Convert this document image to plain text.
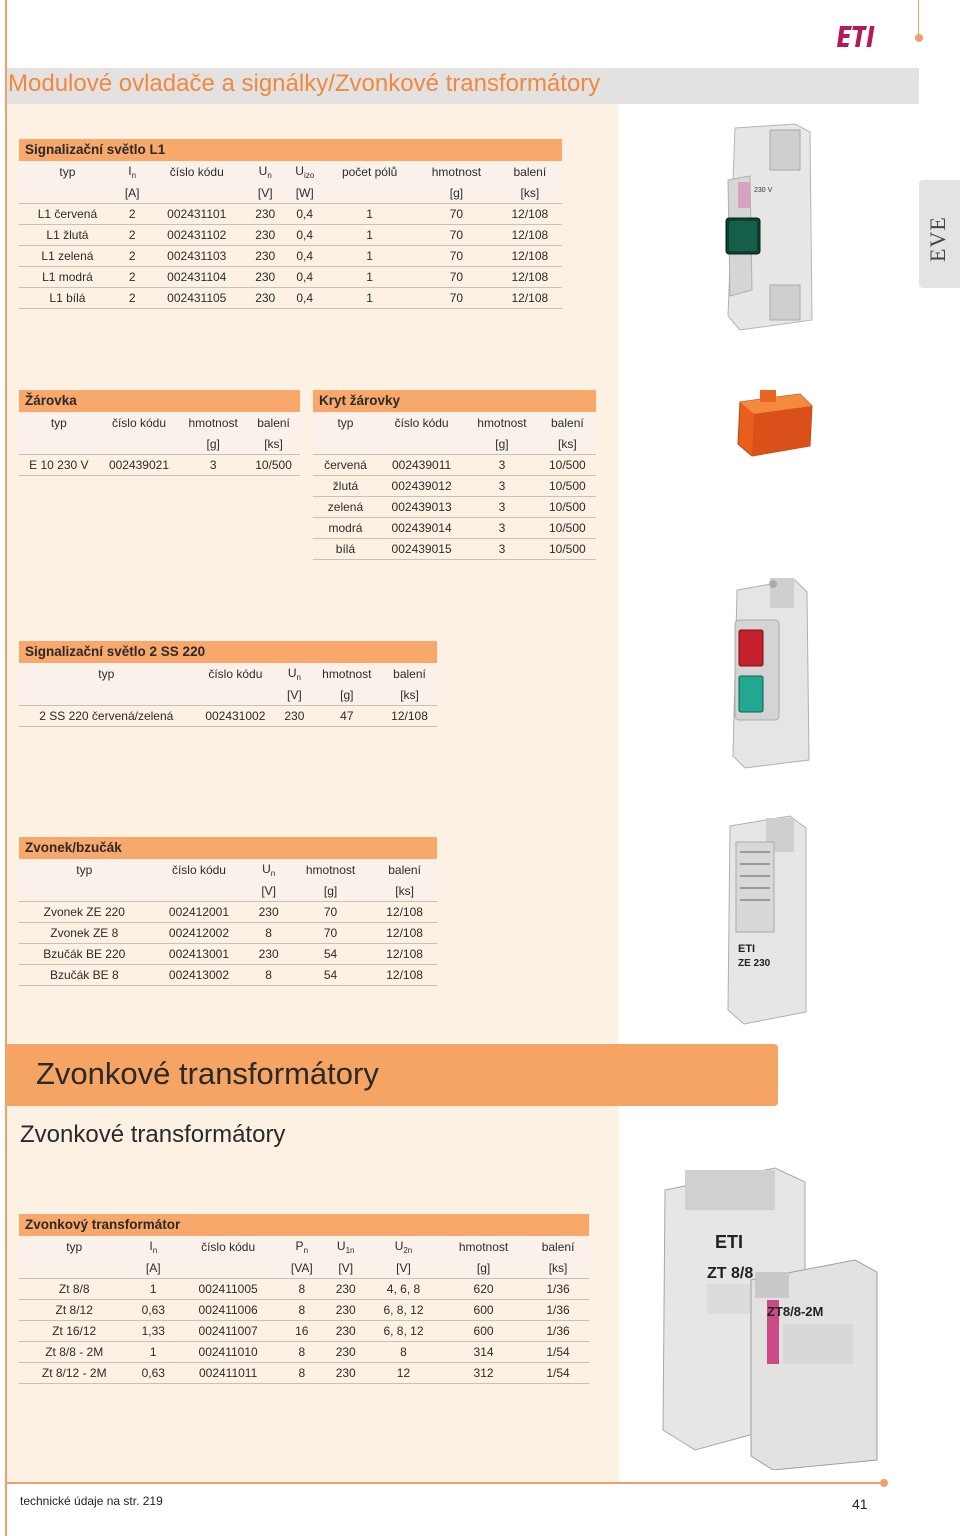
Modulové ovladače a signálky/Zvonkové transformátory
EVE
Signalizační světlo L1
typ	$I_n$	číslo kódu	$U_n$	$U_{izo}$	počet pólů	hmotnost	balení
	[A]		[V]	[W]		[g]	[ks]
L1 červená	2	002431101	230	0,4	1	70	12/108
L1 žlutá	2	002431102	230	0,4	1	70	12/108
L1 zelená	2	002431103	230	0,4	1	70	12/108
L1 modrá	2	002431104	230	0,4	1	70	12/108
L1 bílá	2	002431105	230	0,4	1	70	12/108
Žárovka
typ	číslo kódu	hmotnost	balení
		[g]	[ks]
E 10 230 V	002439021	3	10/500
Kryt žárovky
typ	číslo kódu	hmotnost	balení
		[g]	[ks]
červená	002439011	3	10/500
žlutá	002439012	3	10/500
zelená	002439013	3	10/500
modrá	002439014	3	10/500
bílá	002439015	3	10/500
Signalizační světlo 2 SS 220
typ	číslo kódu	$U_n$	hmotnost	balení
		[V]	[g]	[ks]
2 SS 220 červená/zelená	002431002	230	47	12/108
Zvonek/bzučák
typ	číslo kódu	$U_n$	hmotnost	balení
		[V]	[g]	[ks]
Zvonek ZE 220	002412001	230	70	12/108
Zvonek ZE 8	002412002	8	70	12/108
Bzučák BE 220	002413001	230	54	12/108
Bzučák BE 8	002413002	8	54	12/108
Zvonkové transformátory
Zvonkové transformátory
Zvonkový transformátor
typ	$I_n$	číslo kódu	$P_n$	$U_{1n}$	$U_{2n}$	hmotnost	balení
	[A]		[VA]	[V]	[V]	[g]	[ks]
Zt 8/8	1	002411005	8	230	4, 6, 8	620	1/36
Zt 8/12	0,63	002411006	8	230	6, 8, 12	600	1/36
Zt 16/12	1,33	002411007	16	230	6, 8, 12	600	1/36
Zt 8/8 - 2M	1	002411010	8	230	8	314	1/54
Zt 8/12 - 2M	0,63	002411011	8	230	12	312	1/54
230 V
ETI
ZE 230
ETI
ZT 8/8
ZT8/8-2M
technické údaje na str. 219	41
